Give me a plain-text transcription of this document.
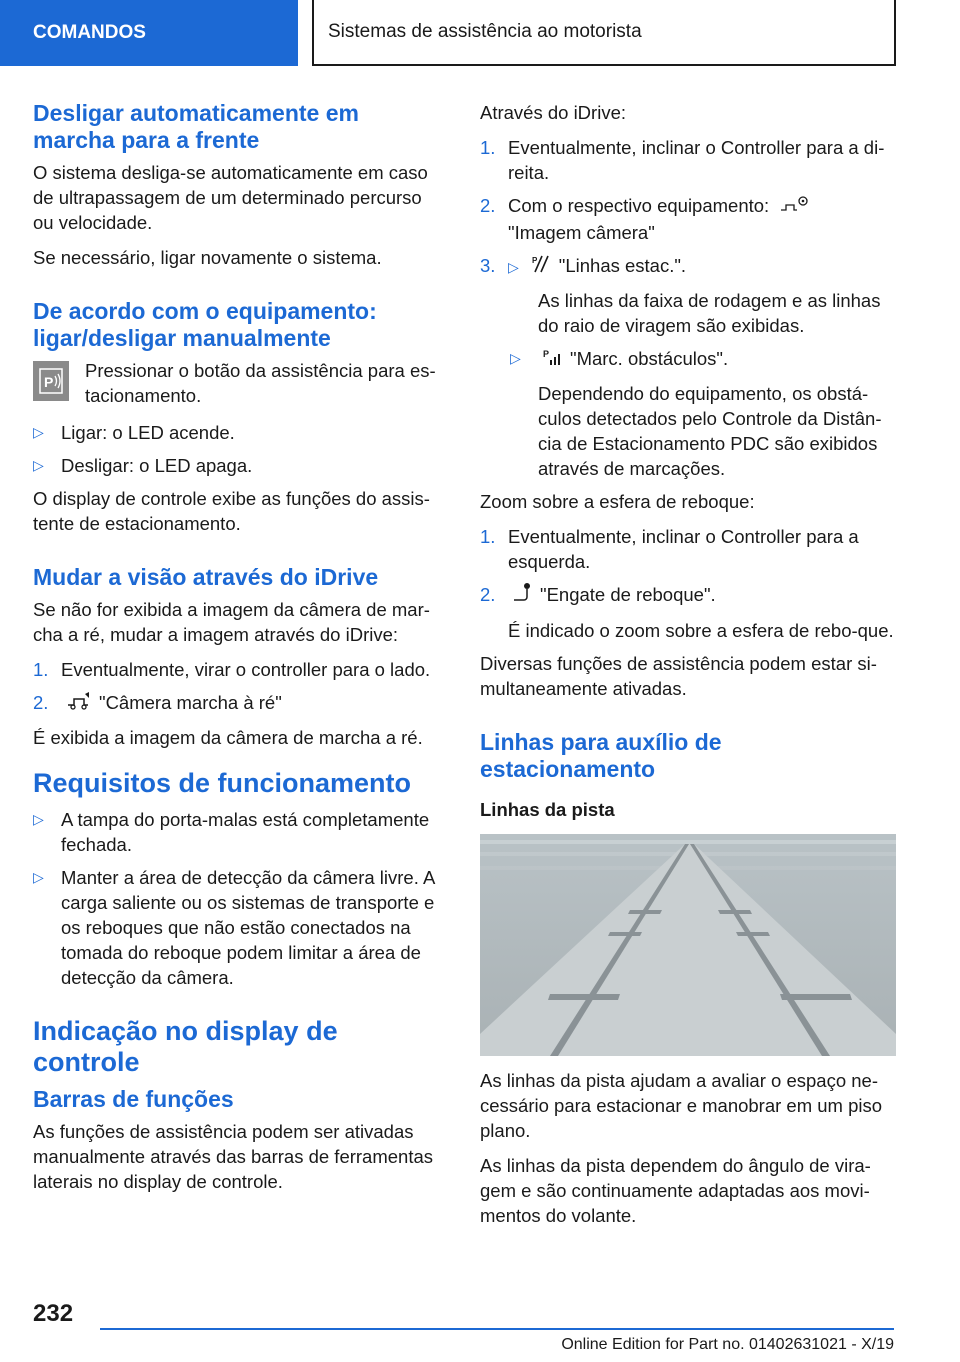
COMANDOS	Sistemas de assistência ao motorista
Desligar automaticamente em marcha para a frente

O sistema desliga-se automaticamente em caso de ultrapassagem de um determinado percurso ou velocidade.

Se necessário, ligar novamente o sistema.

De acordo com o equipamento: ligar/desligar manualmente
P
Pressionar o botão da assistência para es-tacionamento.
▷ Ligar: o LED acende.
▷ Desligar: o LED apaga.

O display de controle exibe as funções do assis-tente de estacionamento.

Mudar a visão através do iDrive

Se não for exibida a imagem da câmera de mar-cha a ré, mudar a imagem através do iDrive:

1. Eventualmente, virar o controller para o lado.
2.	"Câmera marcha à ré"

É exibida a imagem da câmera de marcha a ré.

Requisitos de funcionamento
▷ A tampa do porta-malas está completamente fechada.
▷ Manter a área de detecção da câmera livre. A carga saliente ou os sistemas de transporte e os reboques que não estão conectados na tomada do reboque podem limitar a área de detecção da câmera.
Indicação no display de controle
Barras de funções

As funções de assistência podem ser ativadas manualmente através das barras de ferramentas laterais no display de controle.

Através do iDrive:

1. Eventualmente, inclinar o Controller para a di-reita.
2. Com o respectivo equipamento:
"Imagem câmera"
3. ▷ P "Linhas estac.".
As linhas da faixa de rodagem e as linhas do raio de viragem são exibidas.
▷ P "Marc. obstáculos".
Dependendo do equipamento, os obstá-culos detectados pelo Controle da Distân-cia de Estacionamento PDC são exibidos através de marcações.

Zoom sobre a esfera de reboque:

1. Eventualmente, inclinar o Controller para a esquerda.
2. "Engate de reboque".
É indicado o zoom sobre a esfera de rebo-que.

Diversas funções de assistência podem estar si-multaneamente ativadas.

Linhas para auxílio de estacionamento
Linhas da pista

As linhas da pista ajudam a avaliar o espaço ne-cessário para estacionar e manobrar em um piso plano.

As linhas da pista dependem do ângulo de vira-gem e são continuamente adaptadas aos movi-mentos do volante.

232
Online Edition for Part no. 01402631021 - X/19
